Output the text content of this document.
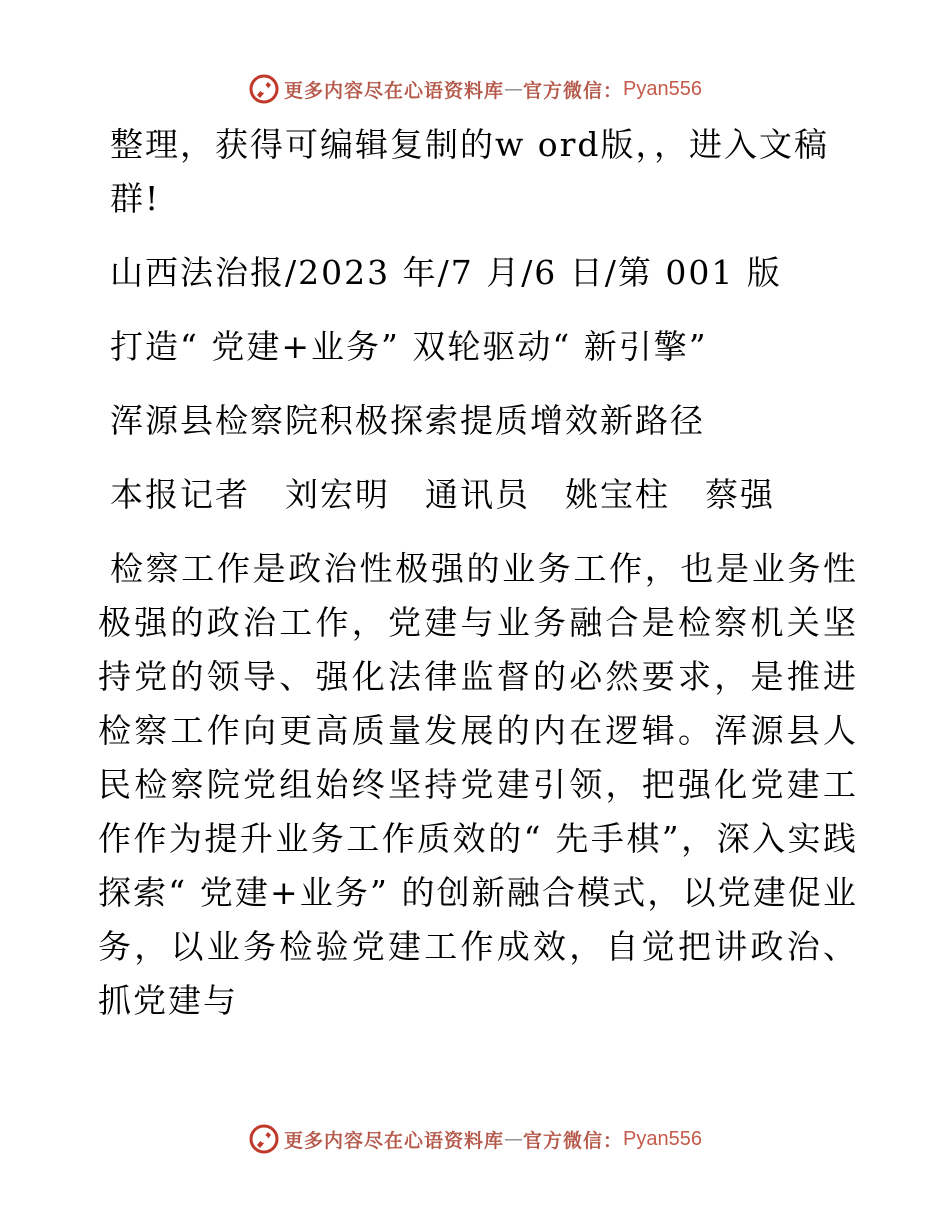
更多内容尽在心语资料库 — 官方微信： Pyan556

整理，获得可编辑复制的w ord版，，进入文稿群!

山西法治报/2023 年/7 月/6 日/第 001 版

打造“ 党建+业务” 双轮驱动“ 新引擎”

浑源县检察院积极探索提质增效新路径

本报记者　刘宏明　通讯员　姚宝柱　蔡强

检察工作是政治性极强的业务工作，也是业务性极强的政治工作，党建与业务融合是检察机关坚持党的领导、强化法律监督的必然要求，是推进检察工作向更高质量发展的内在逻辑。浑源县人民检察院党组始终坚持党建引领，把强化党建工作作为提升业务工作质效的“ 先手棋”，深入实践探索“ 党建+业务” 的创新融合模式，以党建促业务，以业务检验党建工作成效，自觉把讲政治、抓党建与

更多内容尽在心语资料库 — 官方微信： Pyan556
